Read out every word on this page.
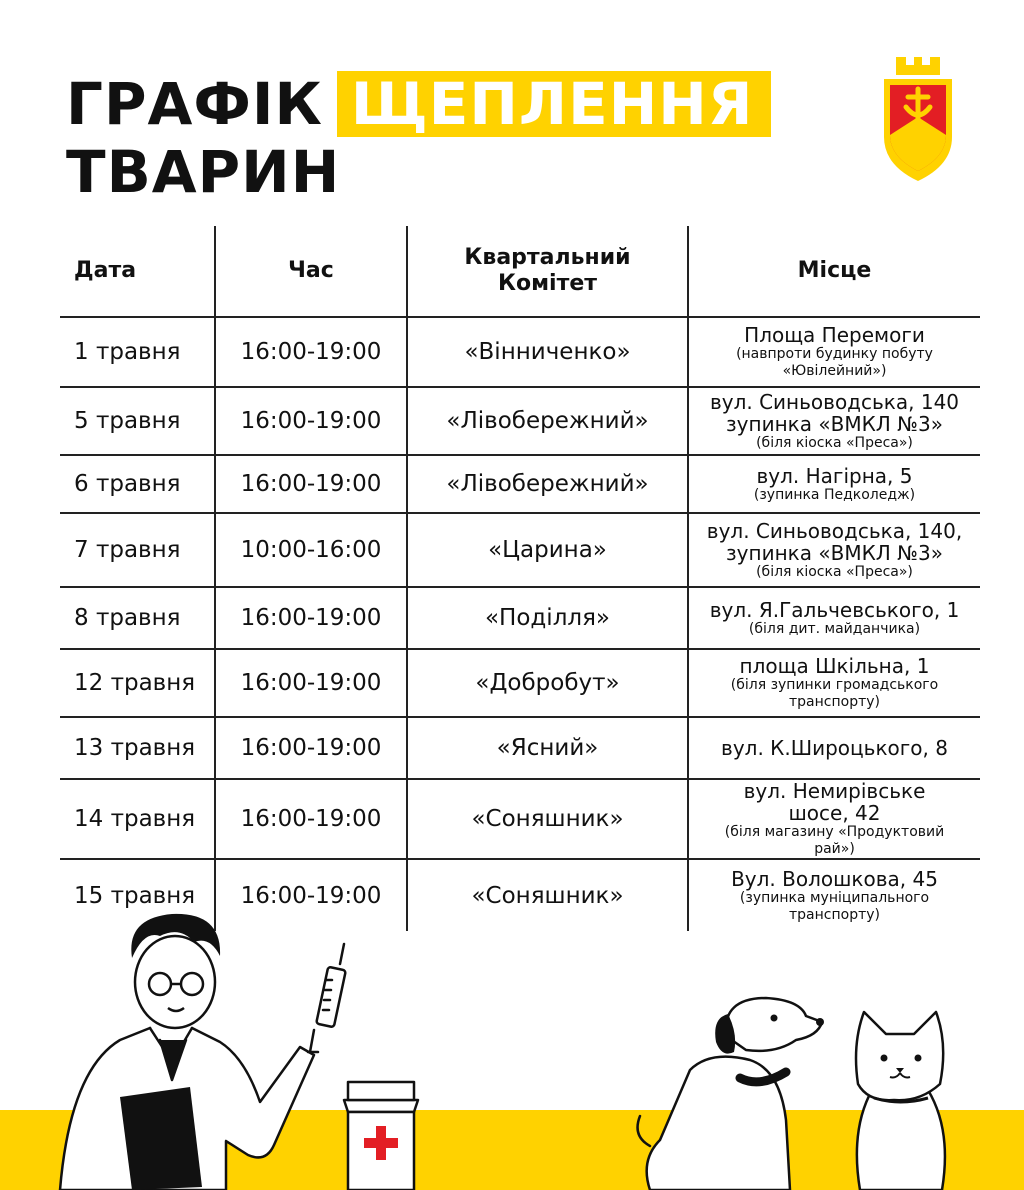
ГРАФІК ЩЕПЛЕННЯ
ТВАРИН
Дата	Час	Квартальний Комітет	Місце
1 травня	16:00-19:00	«Вінниченко»	Площа Перемоги
(навпроти будинку побуту «Ювілейний»)

5 травня	16:00-19:00	«Лівобережний»	вул. Синьоводська, 140 зупинка «ВМКЛ №3»
(біля кіоска «Преса»)

6 травня	16:00-19:00	«Лівобережний»	вул. Нагірна, 5
(зупинка Педколедж)

7 травня	10:00-16:00	«Царина»	вул. Синьоводська, 140, зупинка «ВМКЛ №3»
(біля кіоска «Преса»)

8 травня	16:00-19:00	«Поділля»	вул. Я.Гальчевського, 1
(біля дит. майданчика)

12 травня	16:00-19:00	«Добробут»	площа Шкільна, 1
(біля зупинки громадського транспорту)

13 травня	16:00-19:00	«Ясний»	вул. К.Широцького, 8

14 травня	16:00-19:00	«Соняшник»	вул. Немирівське шосе, 42
(біля магазину «Продуктовий рай»)

15 травня	16:00-19:00	«Соняшник»	Вул. Волошкова, 45
(зупинка муніципального транспорту)
